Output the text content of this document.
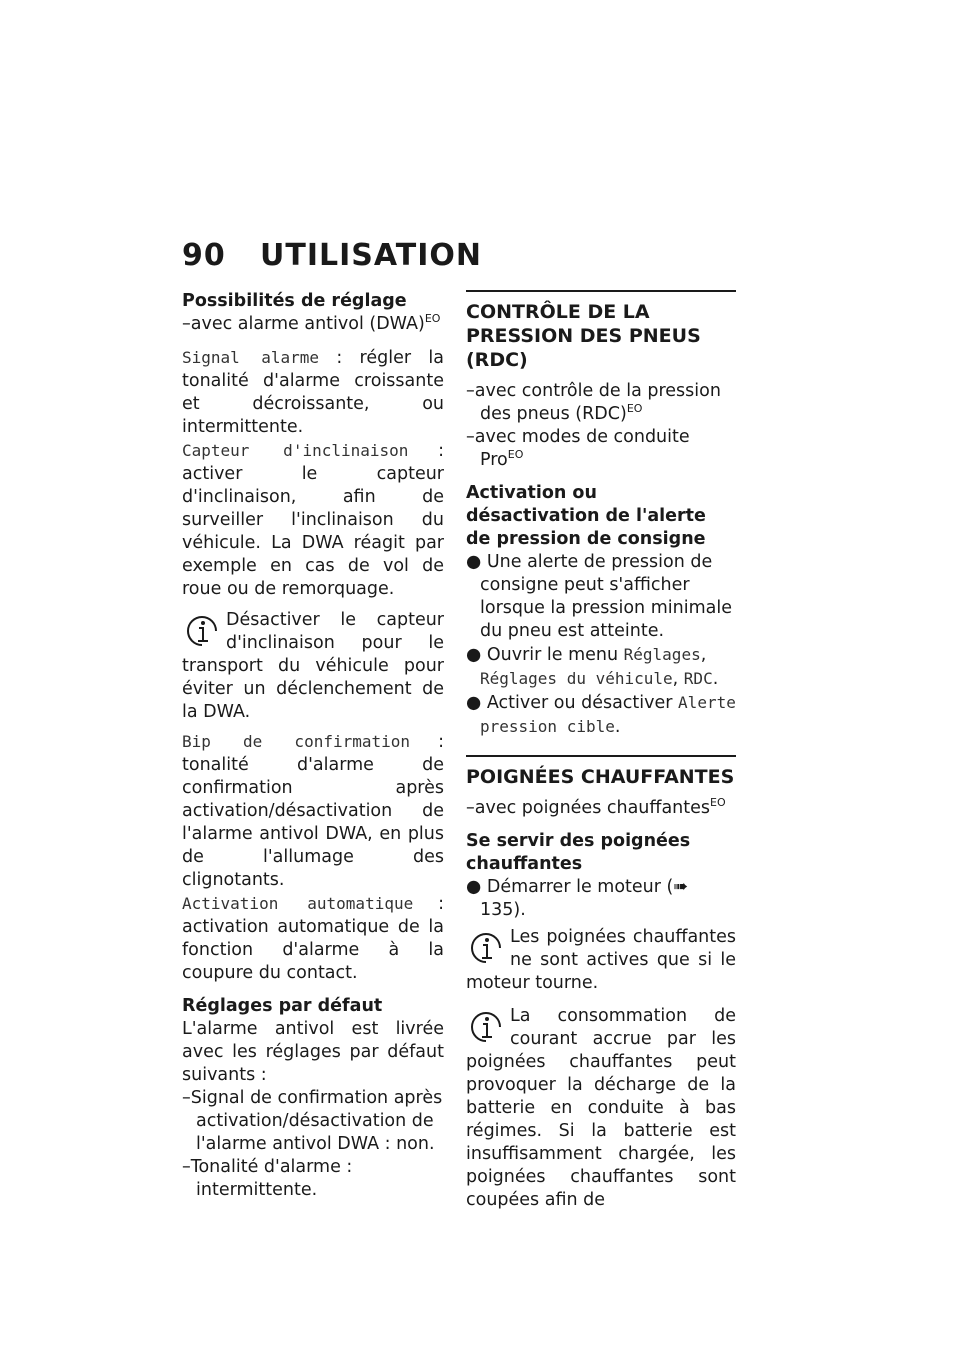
90 UTILISATION

Possibilités de réglage

–avec alarme antivol (DWA)$^{EO}$

Signal alarme : régler la tonalité d'alarme croissante et décroissante, ou intermittente.

Capteur d'inclinaison : activer le capteur d'inclinaison, afin de surveiller l'inclinaison du véhicule. La DWA réagit par exemple en cas de vol de roue ou de remorquage.

Désactiver le capteur d'inclinaison pour le transport du véhicule pour éviter un déclenchement de la DWA.

Bip de confirmation : tonalité d'alarme de confirmation après activation/désactivation de l'alarme antivol DWA, en plus de l'allumage des clignotants.

Activation automatique : activation automatique de la fonction d'alarme à la coupure du contact.

Réglages par défaut

L'alarme antivol est livrée avec les réglages par défaut suivants :

–Signal de confirmation après activation/désactivation de l'alarme antivol DWA : non.

–Tonalité d'alarme : intermittente.

CONTRÔLE DE LA PRESSION DES PNEUS (RDC)

–avec contrôle de la pression des pneus (RDC)$^{EO}$

–avec modes de conduite Pro$^{EO}$

Activation ou désactivation de l'alerte de pression de consigne

● Une alerte de pression de consigne peut s'afficher lorsque la pression minimale du pneu est atteinte.

● Ouvrir le menu Réglages, Réglages du véhicule, RDC.

● Activer ou désactiver Alerte pression cible.

POIGNÉES CHAUFFANTES

–avec poignées chauffantes$^{EO}$

Se servir des poignées chauffantes

● Démarrer le moteur (➠ 135).

Les poignées chauffantes ne sont actives que si le moteur tourne.

La consommation de courant accrue par les poignées chauffantes peut provoquer la décharge de la batterie en conduite à bas régimes. Si la batterie est insuffisamment chargée, les poignées chauffantes sont coupées afin de
